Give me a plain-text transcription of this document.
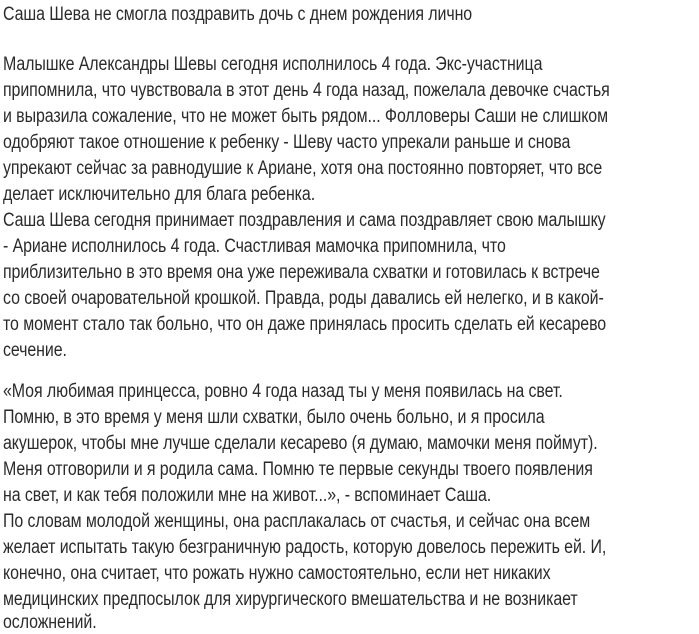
Саша Шева не смогла поздравить дочь с днем рождения лично
Малышке Александры Шевы сегодня исполнилось 4 года. Экс-участница
припомнила, что чувствовала в этот день 4 года назад, пожелала девочке счастья
и выразила сожаление, что не может быть рядом... Фолловеры Саши не слишком
одобряют такое отношение к ребенку - Шеву часто упрекали раньше и снова
упрекают сейчас за равнодушие к Ариане, хотя она постоянно повторяет, что все
делает исключительно для блага ребенка.
Саша Шева сегодня принимает поздравления и сама поздравляет свою малышку
- Ариане исполнилось 4 года. Счастливая мамочка припомнила, что
приблизительно в это время она уже переживала схватки и готовилась к встрече
со своей очаровательной крошкой. Правда, роды давались ей нелегко, и в какой-
то момент стало так больно, что он даже принялась просить сделать ей кесарево
сечение.
«Моя любимая принцесса, ровно 4 года назад ты у меня появилась на свет.
Помню, в это время у меня шли схватки, было очень больно, и я просила
акушерок, чтобы мне лучше сделали кесарево (я думаю, мамочки меня поймут).
Меня отговорили и я родила сама. Помню те первые секунды твоего появления
на свет, и как тебя положили мне на живот...», - вспоминает Саша.
По словам молодой женщины, она расплакалась от счастья, и сейчас она всем
желает испытать такую безграничную радость, которую довелось пережить ей. И,
конечно, она считает, что рожать нужно самостоятельно, если нет никаких
медицинских предпосылок для хирургического вмешательства и не возникает
осложнений.
